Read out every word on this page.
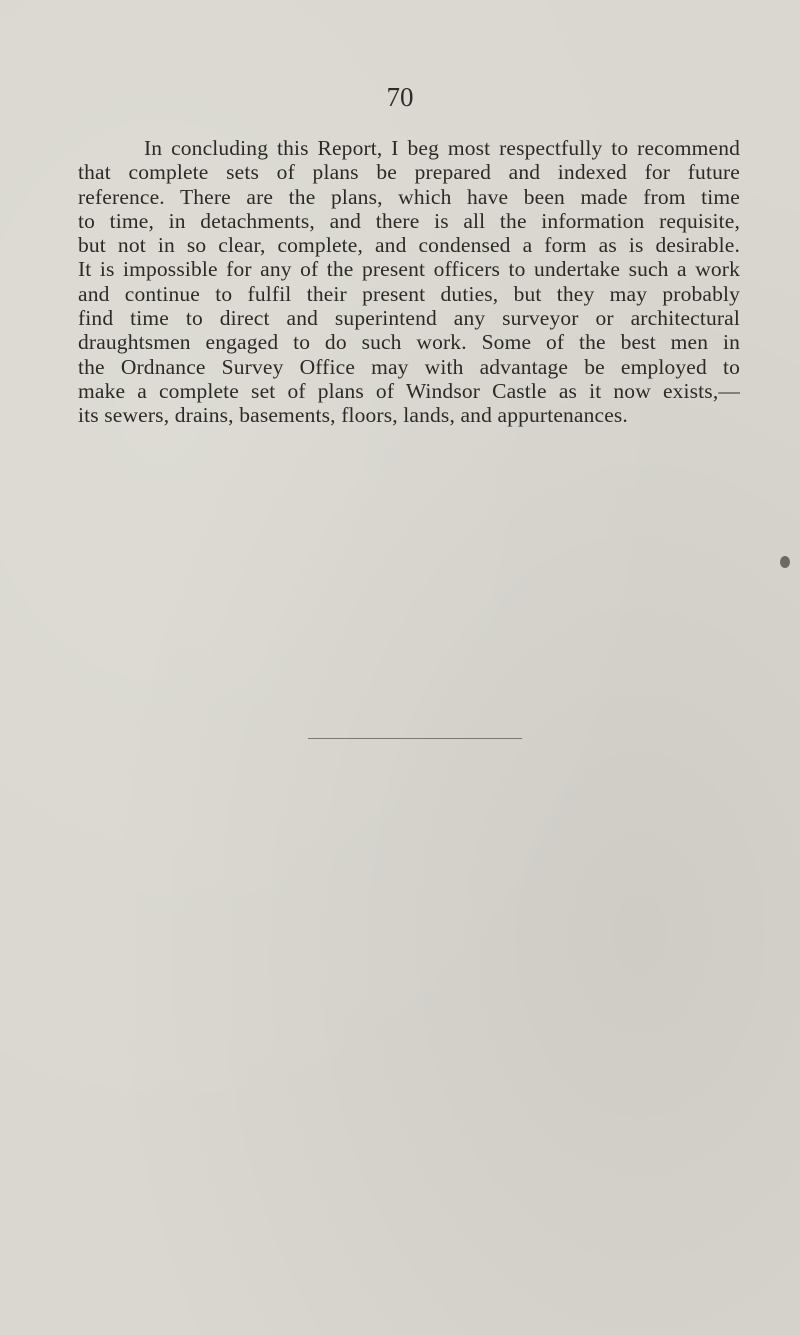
70
In concluding this Report, I beg most respectfully to recommend
that complete sets of plans be prepared and indexed for future
reference. There are the plans, which have been made from time
to time, in detachments, and there is all the information requisite,
but not in so clear, complete, and condensed a form as is desirable.
It is impossible for any of the present officers to undertake such a work
and continue to fulfil their present duties, but they may probably
find time to direct and superintend any surveyor or architectural
draughtsmen engaged to do such work. Some of the best men in
the Ordnance Survey Office may with advantage be employed to
make a complete set of plans of Windsor Castle as it now exists,—
its sewers, drains, basements, floors, lands, and appurtenances.
